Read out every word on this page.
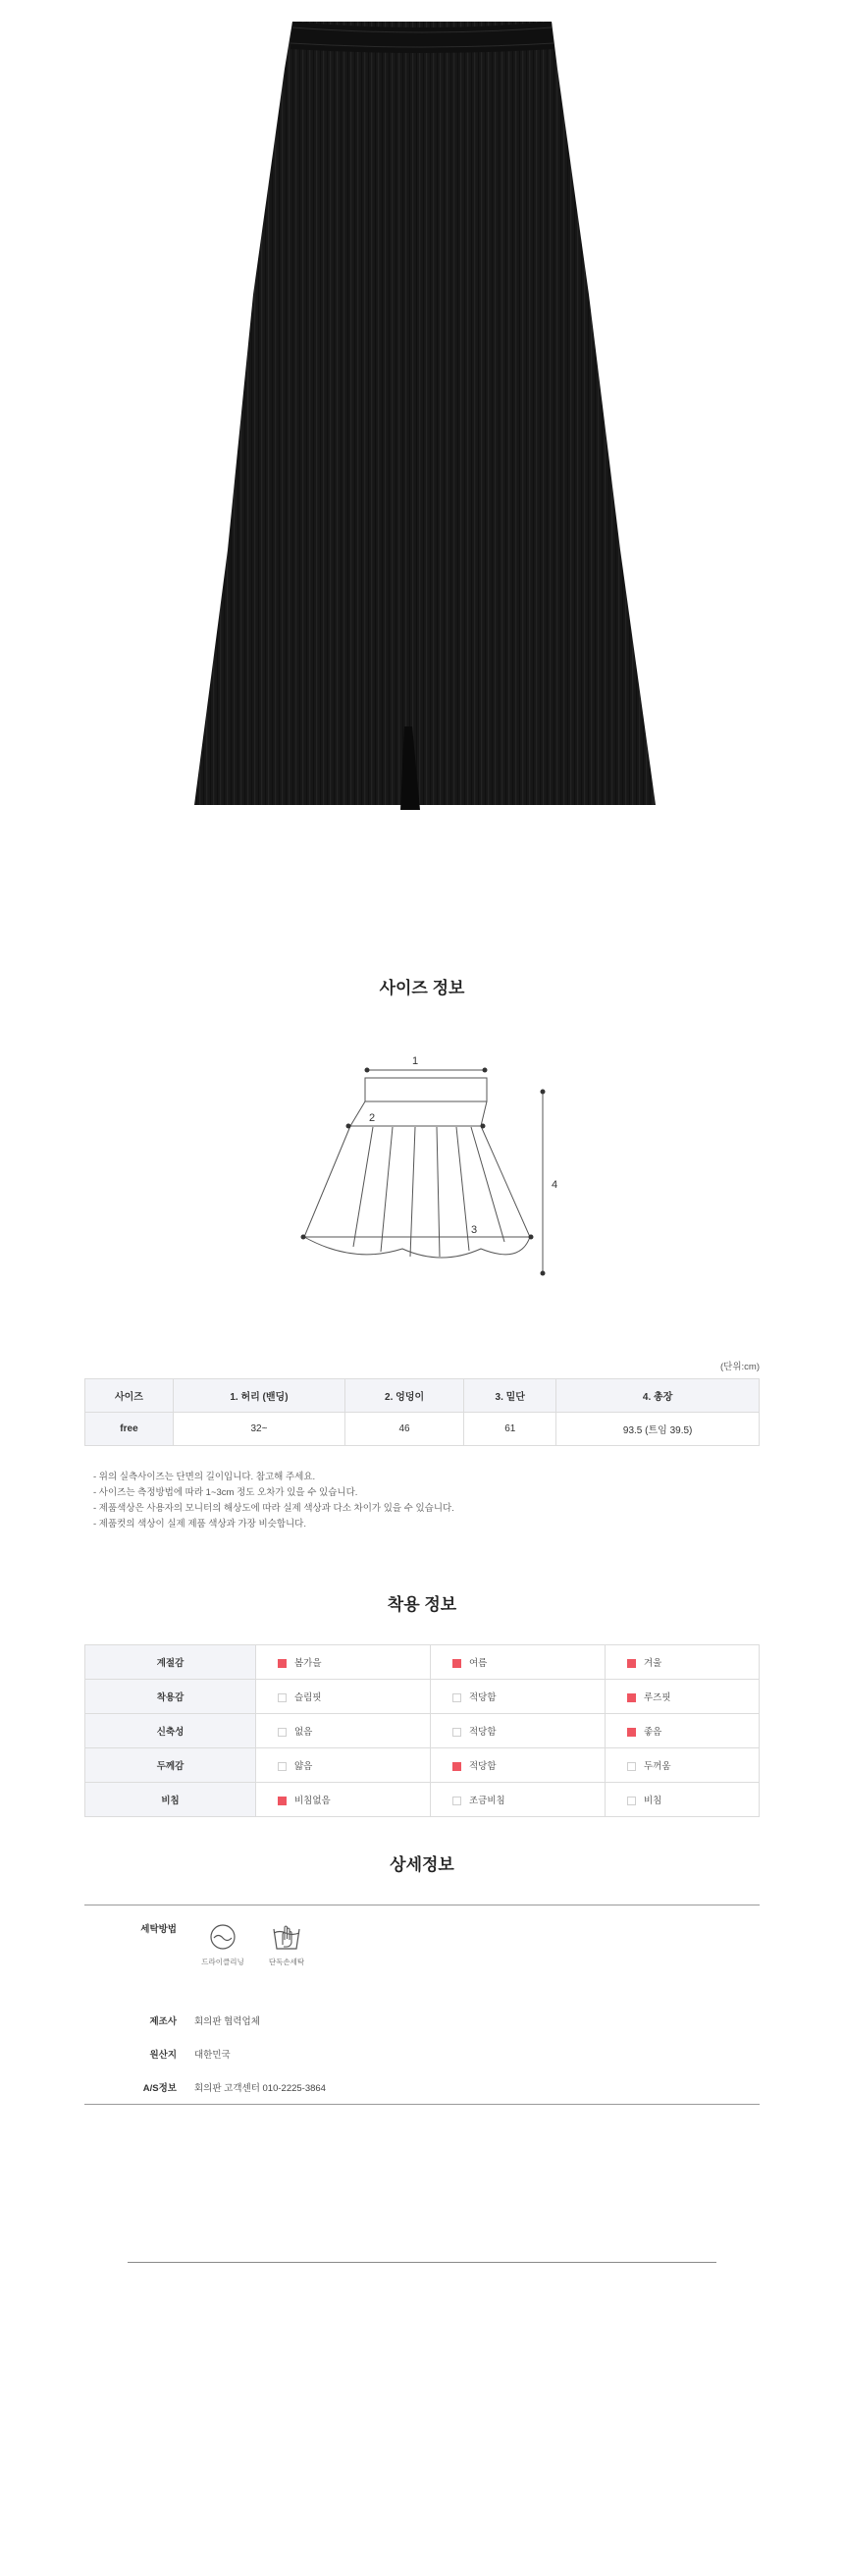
사이즈 정보
1
2
3
4
(단위:cm)
사이즈	1. 허리 (밴딩)	2. 엉덩이	3. 밑단	4. 총장
free	32~	46	61	93.5 (트임 39.5)
- 위의 실측사이즈는 단면의 길이입니다. 참고해 주세요.
- 사이즈는 측정방법에 따라 1~3cm 정도 오차가 있을 수 있습니다.
- 제품색상은 사용자의 모니터의 해상도에 따라 실제 색상과 다소 차이가 있을 수 있습니다.
- 제품컷의 색상이 실제 제품 색상과 가장 비슷합니다.
착용 정보
계절감	봄가을	여름	겨울
착용감	슬림핏	적당함	루즈핏
신축성	없음	적당함	좋음
두께감	얇음	적당함	두꺼움
비침	비침없음	조금비침	비침
상세정보
세탁방법
드라이클리닝	단독손세탁
제조사 회의판 협력업체
원산지 대한민국
A/S정보 회의판 고객센터 010-2225-3864
